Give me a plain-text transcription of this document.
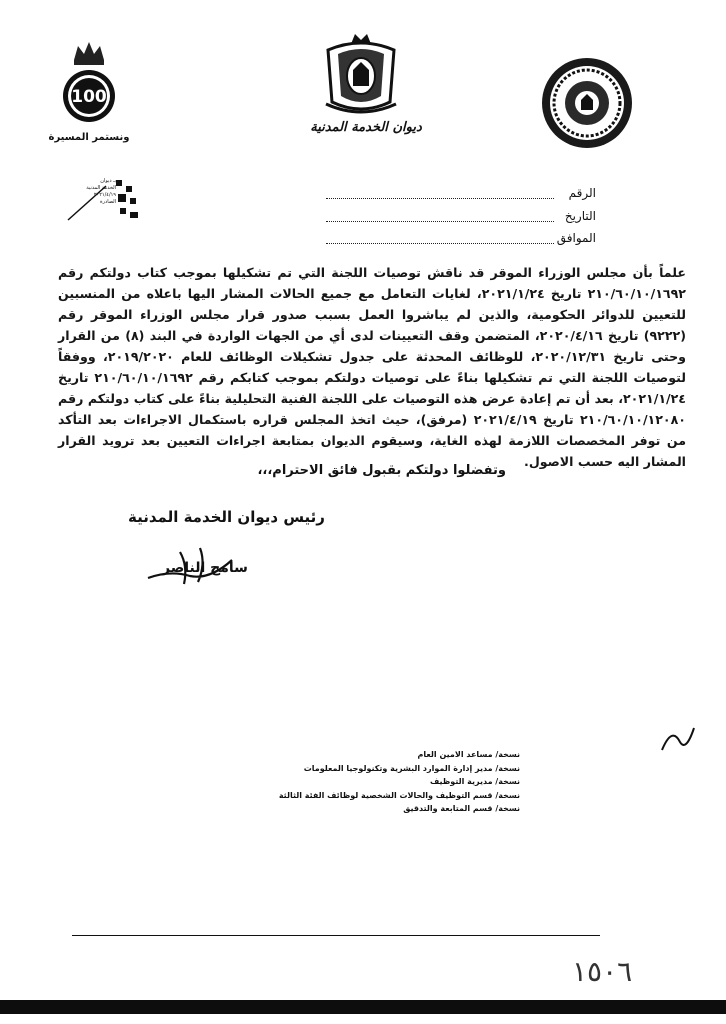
100
ونستمر المسيرة
ديوان الخدمة المدنية
بـ ديوان
الخدمة المدنية
٢٠٢١/٤/١٩
الصادرة
الرقم
التاريخ
الموافق

علماً بأن مجلس الوزراء الموقر قد ناقش توصيات اللجنة التي تم تشكيلها بموجب كتاب دولتكم رقم ٢١٠/٦٠/١٠/١٦٩٢ تاريخ ٢٠٢١/١/٢٤، لغايات التعامل مع جميع الحالات المشار اليها باعلاه من المنسبين للتعيين للدوائر الحكومية، والذين لم يباشروا العمل بسبب صدور قرار مجلس الوزراء الموقر رقم (٩٢٢٢) تاريخ ٢٠٢٠/٤/١٦، المتضمن وقف التعيينات لدى أي من الجهات الواردة في البند (٨) من القرار وحتى تاريخ ٢٠٢٠/١٢/٣١، للوظائف المحدثة على جدول تشكيلات الوظائف للعام ٢٠١٩/٢٠٢٠، ووفقاً لتوصيات اللجنة التي تم تشكيلها بناءً على توصيات دولتكم بموجب كتابكم رقم ٢١٠/٦٠/١٠/١٦٩٢ تاريخ ٢٠٢١/١/٢٤، بعد أن تم إعادة عرض هذه التوصيات على اللجنة الفنية التحليلية بناءً على كتاب دولتكم رقم ٢١٠/٦٠/١٠/١٢٠٨٠ تاريخ ٢٠٢١/٤/١٩ (مرفق)، حيث اتخذ المجلس قراره باستكمال الاجراءات بعد التأكد من توفر المخصصات اللازمة لهذه الغاية، وسيقوم الديوان بمتابعة اجراءات التعيين بعد ترويد القرار المشار اليه حسب الاصول.

وتفضلوا دولتكم بقبول فائق الاحترام،،،
رئيس ديوان الخدمة المدنية
سامح الناصر
نسخة/ مساعد الامين العام
نسخة/ مدير إدارة الموارد البشرية وتكنولوجيا المعلومات
نسخة/ مديرية التوظيف
نسخة/ قسم التوظيف والحالات الشخصية لوظائف الفئة الثالثة
نسخة/ قسم المتابعة والتدقيق
١٥٠٦
